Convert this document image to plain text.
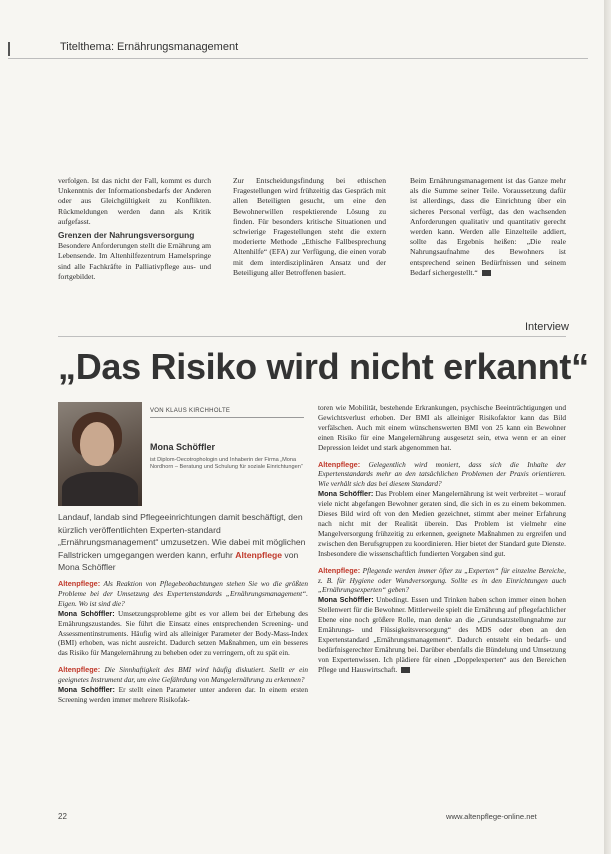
Titelthema: Ernährungsmanagement

verfolgen. Ist das nicht der Fall, kommt es durch Unkenntnis der Informationsbedarfs der Anderen oder aus Gleichgültigkeit zu Konflikten. Rückmeldungen werden dann als Kritik aufgefasst.

Grenzen der Nahrungsversorgung

Besondere Anforderungen stellt die Ernährung am Lebensende. Im Altenhilfezentrum Hamelspringe sind alle Fachkräfte in Palliativpflege aus- und fortgebildet.

Zur Entscheidungsfindung bei ethischen Fragestellungen wird frühzeitig das Gespräch mit allen Beteiligten gesucht, um eine den Bewohnerwillen respektierende Lösung zu finden. Für besonders kritische Situationen und schwierige Fragestellungen steht die extern moderierte Methode „Ethische Fallbesprechung Altenhilfe“ (EFA) zur Verfügung, die einen vorab mit dem interdisziplinären Ansatz und der Beteiligung aller Betroffenen basiert.

Beim Ernährungsmanagement ist das Ganze mehr als die Summe seiner Teile. Voraussetzung dafür ist allerdings, dass die Einrichtung über ein sicheres Personal verfügt, das den wachsenden Anforderungen qualitativ und quantitativ gerecht werden kann. Werden alle Einzelteile addiert, sollte das Ergebnis heißen: „Die reale Nahrungsaufnahme des Bewohners ist entsprechend seinen Bedürfnissen und seinem Bedarf sichergestellt.“

Interview
„Das Risiko wird nicht erkannt“
VON KLAUS KIRCHHOLTE
Mona Schöffler
ist Diplom-Oecotrophologin und Inhaberin der Firma „Mona Nordhorn – Beratung und Schulung für soziale Einrichtungen“
Landauf, landab sind Pflegeeinrichtungen damit beschäftigt, den kürzlich veröffentlichten Experten-standard „Ernährungsmanagement“ umzusetzen. Wie dabei mit möglichen Fallstricken umgegangen werden kann, erfuhr Altenpflege von Mona Schöffler

Altenpflege: Als Reaktion von Pflegebeobachtungen stehen Sie wo die größten Probleme bei der Umsetzung des Expertenstandards „Ernährungsmanagement“. Eigen. Wo ist sind die?

Mona Schöffler: Umsetzungsprobleme gibt es vor allem bei der Erhebung des Ernährungszustandes. Sie führt die Einsatz eines entsprechenden Screening- und Assessmentinstruments. Häufig wird als alleiniger Parameter der Body-Mass-Index (BMI) erhoben, was nicht ausreicht. Dadurch setzen Maßnahmen, um ein besseres das Risiko für Mangelernährung zu beheben oder zu verringern, oft zu spät ein.

Altenpflege: Die Sinnhaftigkeit des BMI wird häufig diskutiert. Stellt er ein geeignetes Instrument dar, um eine Gefährdung von Mangelernährung zu erkennen?

Mona Schöffler: Er stellt einen Parameter unter anderen dar. In einem ersten Screening werden immer mehrere Risikofak-

toren wie Mobilität, bestehende Erkrankungen, psychische Beeinträchtigungen und Gewichtsverlust erhoben. Der BMI als alleiniger Risikofaktor kann das Bild verfälschen. Auch mit einem wünschenswerten BMI von 25 kann ein Bewohner einen Risiko für eine Mangelernährung ausgesetzt sein, etwa wenn er an einer Depression leidet und stark abgenommen hat.

Altenpflege: Gelegentlich wird moniert, dass sich die Inhalte der Expertenstandards mehr an den tatsächlichen Problemen der Praxis orientieren. Wie verhält sich das bei diesem Standard?

Mona Schöffler: Das Problem einer Mangelernährung ist weit verbreitet – worauf viele nicht abgefangen Bewohner geraten sind, die sich in es zu einem bekommen. Dieses Bild wird oft von den Medien gezeichnet, stimmt aber meiner Erfahrung nach nicht mit der Realität überein. Das Problem ist vielmehr eine Mangelversorgung frühzeitig zu erkennen, geeignete Maßnahmen zu ergreifen und zwischen den Berufsgruppen zu koordinieren. Hier bietet der Standard gute Dienste. Insbesondere die wissenschaftlich fundierten Vorgaben sind gut.

Altenpflege: Pflegende werden immer öfter zu „Experten“ für einzelne Bereiche, z. B. für Hygiene oder Wundversorgung. Sollte es in den Einrichtungen auch „Ernährungsexperten“ geben?

Mona Schöffler: Unbedingt. Essen und Trinken haben schon immer einen hohen Stellenwert für die Bewohner. Mittlerweile spielt die Ernährung auf pflegefachlicher Ebene eine noch größere Rolle, man denke an die „Grundsatzstellungnahme zur Ernährungs- und Flüssigkeitsversorgung“ des MDS oder eben an den Expertenstandard „Ernährungsmanagement“. Dadurch entsteht ein bedarfs- und bedürfnisgerechter Ernährung bei. Darüber ebenfalls die Bündelung und Umsetzung von Expertenwissen. Ich plädiere für einen „Doppelexperten“ aus den Bereichen Pflege und Hauswirtschaft.

22	www.altenpflege-online.net
